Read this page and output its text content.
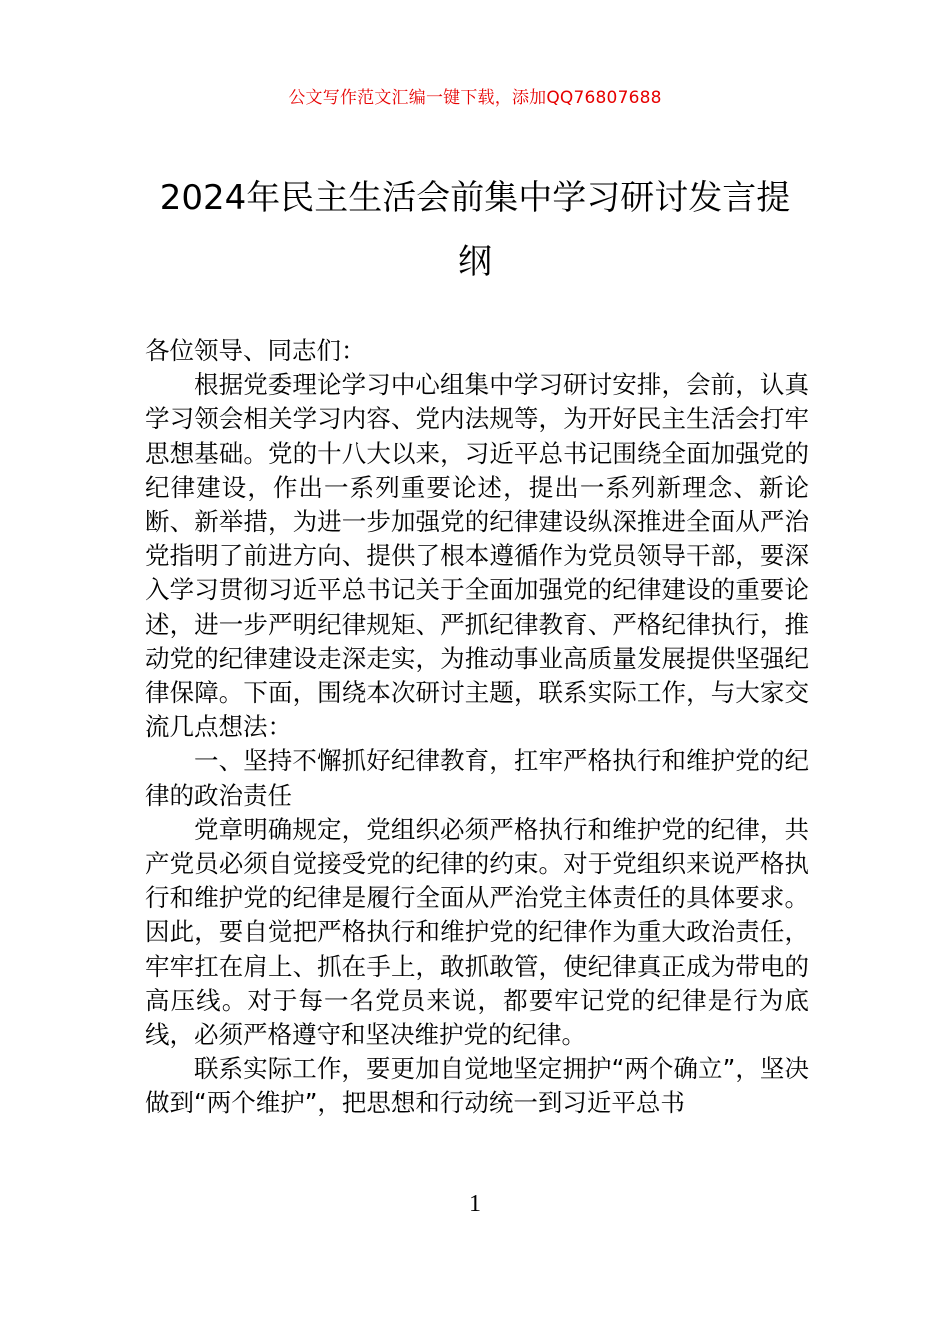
公文写作范文汇编一键下载，添加QQ76807688
2024年民主生活会前集中学习研讨发言提纲

各位领导、同志们：

根据党委理论学习中心组集中学习研讨安排，会前，认真学习领会相关学习内容、党内法规等，为开好民主生活会打牢思想基础。党的十八大以来，习近平总书记围绕全面加强党的纪律建设，作出一系列重要论述，提出一系列新理念、新论断、新举措，为进一步加强党的纪律建设纵深推进全面从严治党指明了前进方向、提供了根本遵循作为党员领导干部，要深入学习贯彻习近平总书记关于全面加强党的纪律建设的重要论述，进一步严明纪律规矩、严抓纪律教育、严格纪律执行，推动党的纪律建设走深走实，为推动事业高质量发展提供坚强纪律保障。下面，围绕本次研讨主题，联系实际工作，与大家交流几点想法：

一、坚持不懈抓好纪律教育，扛牢严格执行和维护党的纪律的政治责任

党章明确规定，党组织必须严格执行和维护党的纪律，共产党员必须自觉接受党的纪律的约束。对于党组织来说严格执行和维护党的纪律是履行全面从严治党主体责任的具体要求。因此，要自觉把严格执行和维护党的纪律作为重大政治责任，牢牢扛在肩上、抓在手上，敢抓敢管，使纪律真正成为带电的高压线。对于每一名党员来说，都要牢记党的纪律是行为底线，必须严格遵守和坚决维护党的纪律。

联系实际工作，要更加自觉地坚定拥护“两个确立”，坚决做到“两个维护”，把思想和行动统一到习近平总书

1
